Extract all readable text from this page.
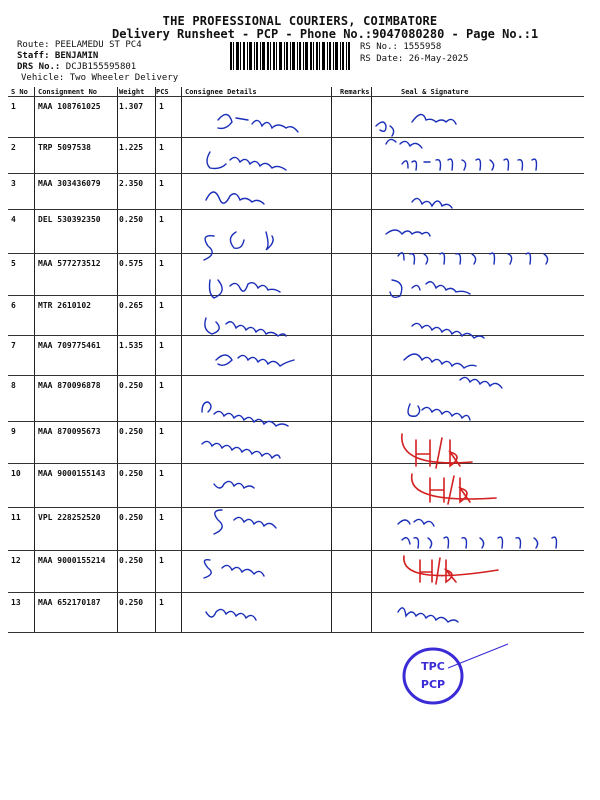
THE PROFESSIONAL COURIERS, COIMBATORE
Delivery Runsheet - PCP - Phone No.:9047080280 - Page No.:1
Route: PEELAMEDU ST PC4
Staff: BENJAMIN
DRS No.: DCJB155595801
Vehicle: Two Wheeler Delivery
RS No.: 1555958
RS Date: 26-May-2025
S No Consignment No	Weight PCS Consignee Details	Remarks	Seal & Signature
1	MAA 108761025 1.307 1
2	TRP 5097538	1.225 1
3	MAA 303436079 2.350 1
4	DEL 530392350 0.250 1
5	MAA 577273512 0.575 1
6	MTR 2610102	0.265 1
7	MAA 709775461 1.535 1
8	MAA 870096878 0.250 1
9	MAA 870095673 0.250 1
10 MAA 9000155143 0.250 1
11 VPL 228252520 0.250 1
12 MAA 9000155214 0.250 1
13 MAA 652170187 0.250 1
TPC
PCP
